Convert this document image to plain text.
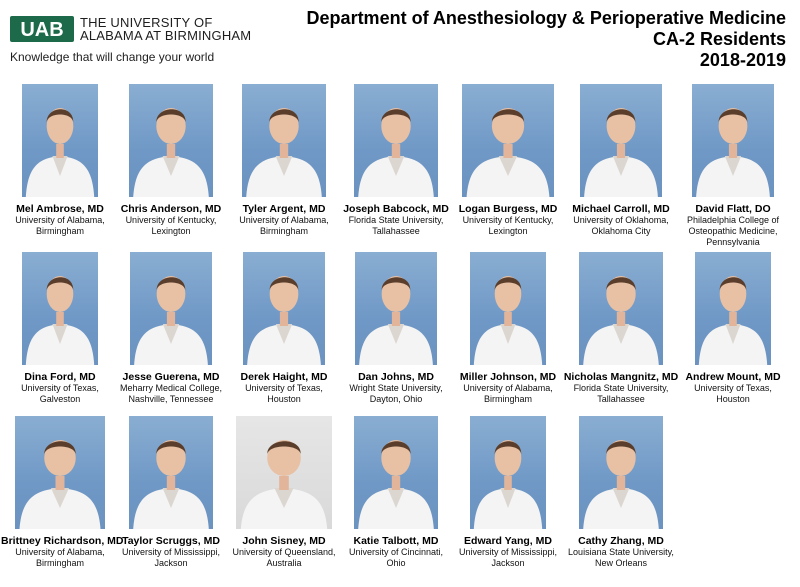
UAB THE UNIVERSITY OF
ALABAMA AT BIRMINGHAM
Knowledge that will change your world
Department of Anesthesiology & Perioperative Medicine
CA-2 Residents
2018-2019
Mel Ambrose, MD
University of Alabama,
Birmingham
Chris Anderson, MD
University of Kentucky,
Lexington
Tyler Argent, MD
University of Alabama,
Birmingham
Joseph Babcock, MD
Florida State University,
Tallahassee
Logan Burgess, MD
University of Kentucky,
Lexington
Michael Carroll, MD
University of Oklahoma,
Oklahoma City
David Flatt, DO
Philadelphia College of
Osteopathic Medicine,
Pennsylvania
Dina Ford, MD
University of Texas,
Galveston
Jesse Guerena, MD
Meharry Medical College,
Nashville, Tennessee
Derek Haight, MD
University of Texas,
Houston
Dan Johns, MD
Wright State University,
Dayton, Ohio
Miller Johnson, MD
University of Alabama,
Birmingham
Nicholas Mangnitz, MD
Florida State University,
Tallahassee
Andrew Mount, MD
University of Texas,
Houston
Brittney Richardson, MD
University of Alabama,
Birmingham
Taylor Scruggs, MD
University of Mississippi,
Jackson
John Sisney, MD
University of Queensland,
Australia
Katie Talbott, MD
University of Cincinnati,
Ohio
Edward Yang, MD
University of Mississippi,
Jackson
Cathy Zhang, MD
Louisiana State University,
New Orleans
